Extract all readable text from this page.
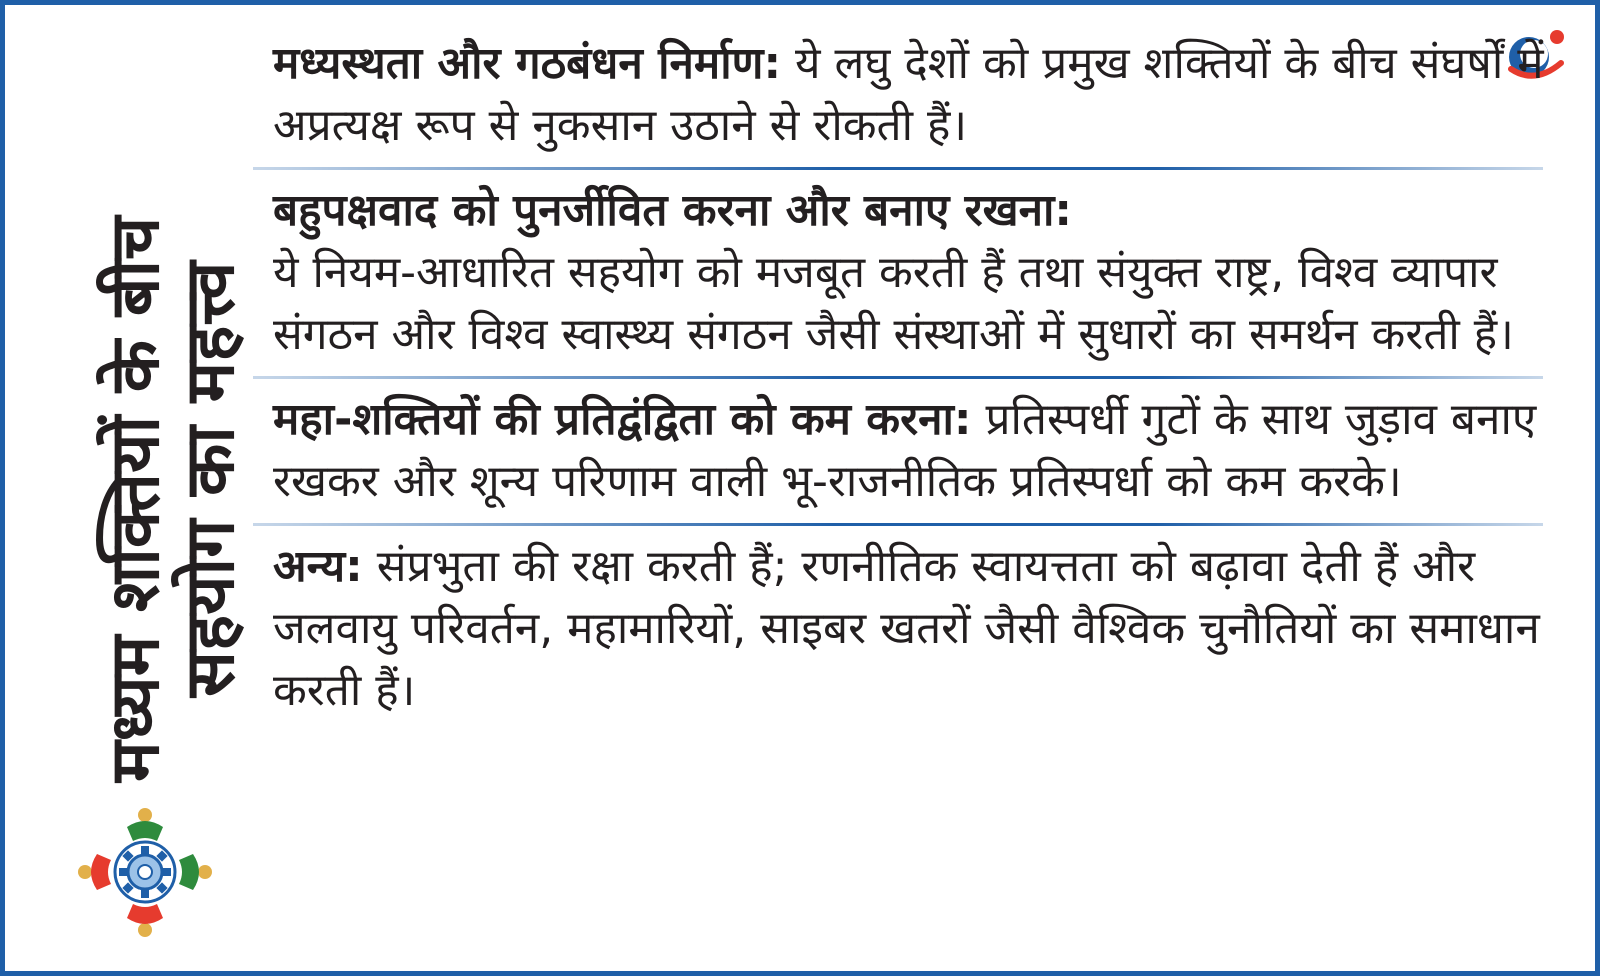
मध्यम शक्तियों के बीच
सहयोग का महत्त्व

मध्यस्थता और गठबंधन निर्माण: ये लघु देशों को प्रमुख शक्तियों के बीच संघर्षों में अप्रत्यक्ष रूप से नुकसान उठाने से रोकती हैं।

बहुपक्षवाद को पुनर्जीवित करना और बनाए रखना:

ये नियम-आधारित सहयोग को मजबूत करती हैं तथा संयुक्त राष्ट्र, विश्व व्यापार संगठन और विश्व स्वास्थ्य संगठन जैसी संस्थाओं में सुधारों का समर्थन करती हैं।

महा-शक्तियों की प्रतिद्वंद्विता को कम करना: प्रतिस्पर्धी गुटों के साथ जुड़ाव बनाए रखकर और शून्य परिणाम वाली भू-राजनीतिक प्रतिस्पर्धा को कम करके।

अन्य: संप्रभुता की रक्षा करती हैं; रणनीतिक स्वायत्तता को बढ़ावा देती हैं और जलवायु परिवर्तन, महामारियों, साइबर खतरों जैसी वैश्विक चुनौतियों का समाधान करती हैं।
